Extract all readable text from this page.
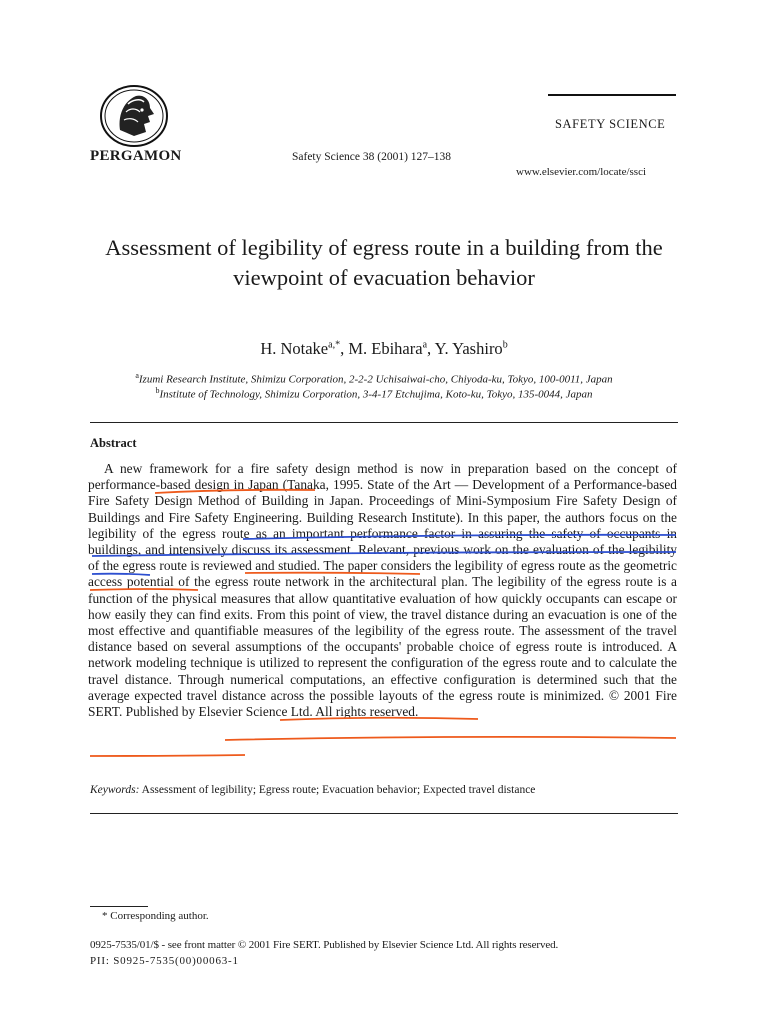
PERGAMON	Safety Science 38 (2001) 127–138
SAFETY SCIENCE
www.elsevier.com/locate/ssci
Assessment of legibility of egress route in a building from the viewpoint of evacuation behavior
H. Notake$^{a,*}$, M. Ebihara$^a$, Y. Yashiro$^b$
$^a$Izumi Research Institute, Shimizu Corporation, 2-2-2 Uchisaiwai-cho, Chiyoda-ku, Tokyo, 100-0011, Japan
$^b$Institute of Technology, Shimizu Corporation, 3-4-17 Etchujima, Koto-ku, Tokyo, 135-0044, Japan
Abstract

A new framework for a fire safety design method is now in preparation based on the concept of performance-based design in Japan (Tanaka, 1995. State of the Art — Development of a Performance-based Fire Safety Design Method of Building in Japan. Proceedings of Mini-Symposium Fire Safety Design of Buildings and Fire Safety Engineering. Building Research Institute). In this paper, the authors focus on the legibility of the egress route as an important performance factor in assuring the safety of occupants in buildings, and intensively discuss its assessment. Relevant, previous work on the evaluation of the legibility of the egress route is reviewed and studied. The paper considers the legibility of egress route as the geometric access potential of the egress route network in the architectural plan. The legibility of the egress route is a function of the physical measures that allow quantitative evaluation of how quickly occupants can escape or how easily they can find exits. From this point of view, the travel distance during an evacuation is one of the most effective and quantifiable measures of the legibility of the egress route. The assessment of the travel distance based on several assumptions of the occupants' probable choice of egress route is introduced. A network modeling technique is utilized to represent the configuration of the egress route and to calculate the travel distance. Through numerical computations, an effective configuration is determined such that the average expected travel distance across the possible layouts of the egress route is minimized. © 2001 Fire SERT. Published by Elsevier Science Ltd. All rights reserved.

Keywords: Assessment of legibility; Egress route; Evacuation behavior; Expected travel distance
* Corresponding author.
0925-7535/01/$ - see front matter © 2001 Fire SERT. Published by Elsevier Science Ltd. All rights reserved.
PII: S0925-7535(00)00063-1
